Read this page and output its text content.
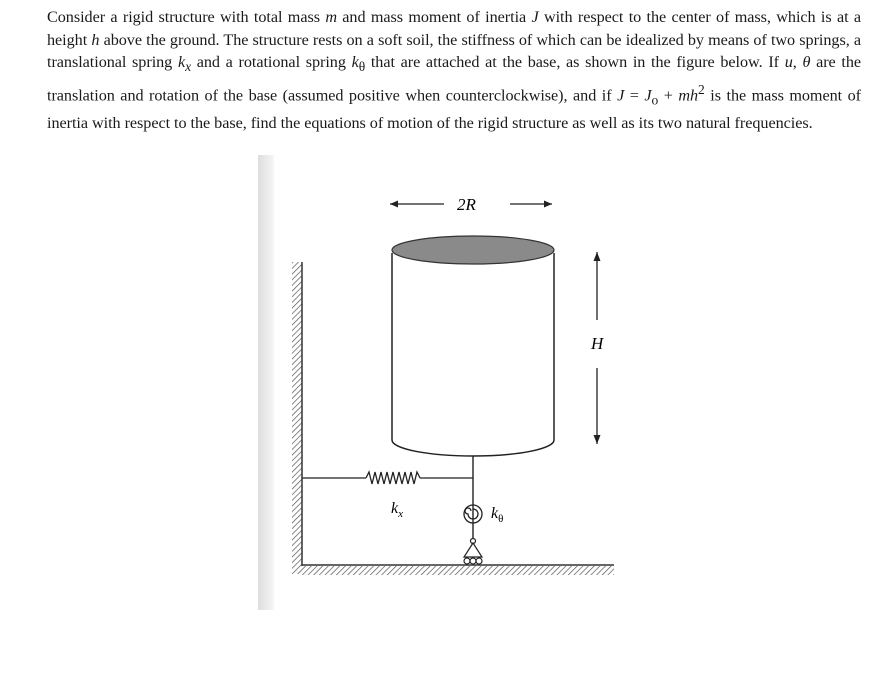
Consider a rigid structure with total mass m and mass moment of inertia J with respect to the center of mass, which is at a height h above the ground. The structure rests on a soft soil, the stiffness of which can be idealized by means of two springs, a translational spring $k_x$ and a rotational spring $k_\theta$ that are attached at the base, as shown in the figure below. If u, θ are the translation and rotation of the base (assumed positive when counterclockwise), and if $J = J_o + mh^2$ is the mass moment of inertia with respect to the base, find the equations of motion of the rigid structure as well as its two natural frequencies.
2R
H
$k_x$	$k_\theta$
